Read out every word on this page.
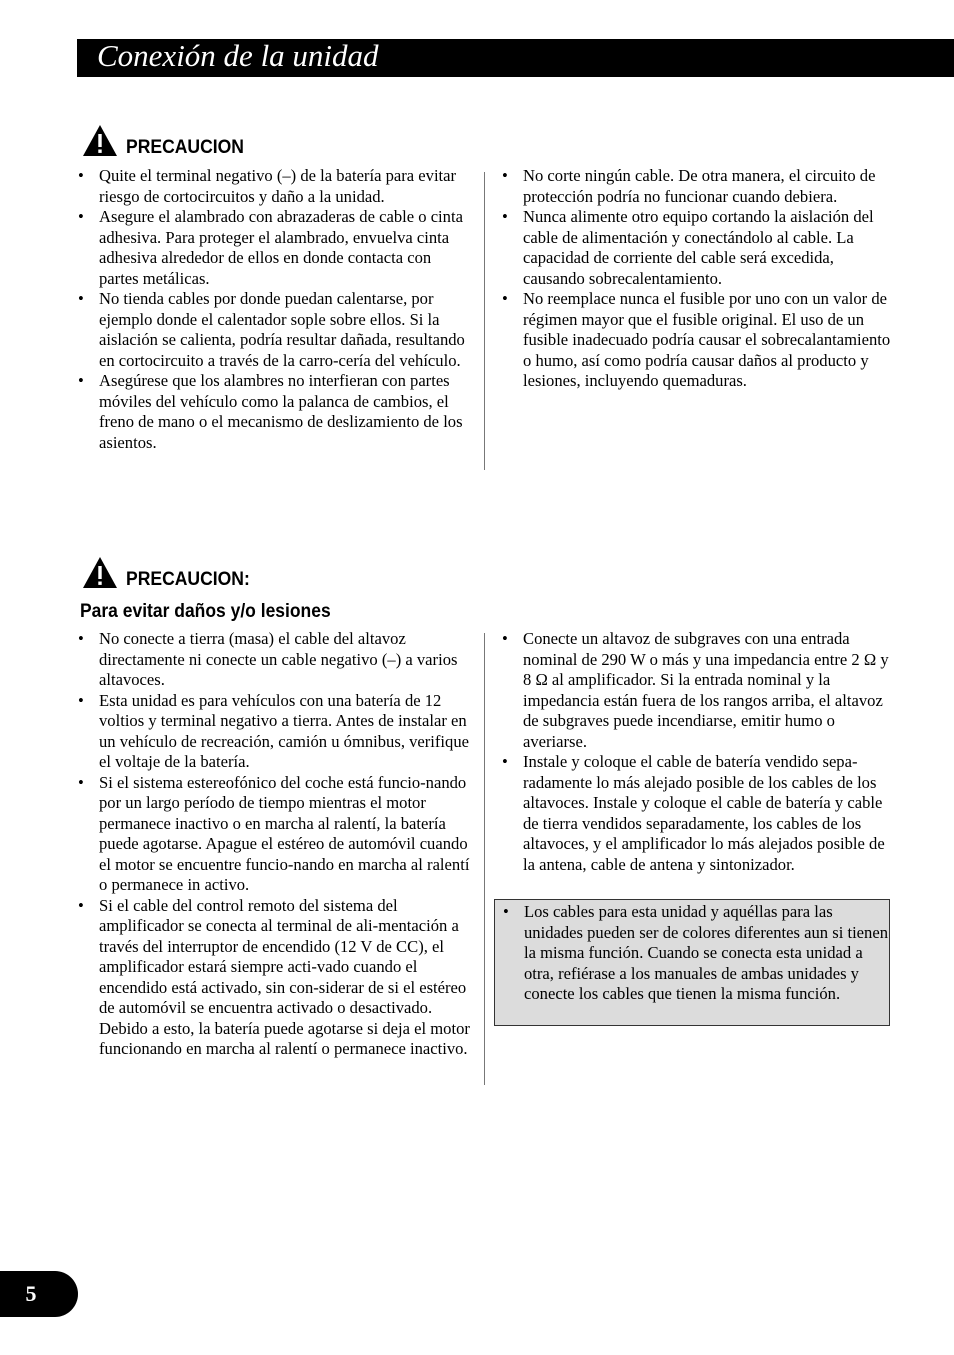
Conexión de la unidad
PRECAUCION
• Quite el terminal negativo (–) de la batería para evitar riesgo de cortocircuitos y daño a la unidad.
• Asegure el alambrado con abrazaderas de cable o cinta adhesiva. Para proteger el alambrado, envuelva cinta adhesiva alrededor de ellos en donde contacta con partes metálicas.
• No tienda cables por donde puedan calentarse, por ejemplo donde el calentador sople sobre ellos. Si la aislación se calienta, podría resultar dañada, resultando en cortocircuito a través de la carro-cería del vehículo.
• Asegúrese que los alambres no interfieran con partes móviles del vehículo como la palanca de cambios, el freno de mano o el mecanismo de deslizamiento de los asientos.
• No corte ningún cable. De otra manera, el circuito de protección podría no funcionar cuando debiera.
• Nunca alimente otro equipo cortando la aislación del cable de alimentación y conectándolo al cable. La capacidad de corriente del cable será excedida, causando sobrecalentamiento.
• No reemplace nunca el fusible por uno con un valor de régimen mayor que el fusible original. El uso de un fusible inadecuado podría causar el sobrecalantamiento o humo, así como podría causar daños al producto y lesiones, incluyendo quemaduras.
PRECAUCION:
Para evitar daños y/o lesiones
• No conecte a tierra (masa) el cable del altavoz directamente ni conecte un cable negativo (–) a varios altavoces.
• Esta unidad es para vehículos con una batería de 12 voltios y terminal negativo a tierra. Antes de instalar en un vehículo de recreación, camión u ómnibus, verifique el voltaje de la batería.
• Si el sistema estereofónico del coche está funcio-nando por un largo período de tiempo mientras el motor permanece inactivo o en marcha al ralentí, la batería puede agotarse. Apague el estéreo de automóvil cuando el motor se encuentre funcio-nando en marcha al ralentí o permanece in activo.
• Si el cable del control remoto del sistema del amplificador se conecta al terminal de ali-mentación a través del interruptor de encendido (12 V de CC), el amplificador estará siempre acti-vado cuando el encendido está activado, sin con-siderar de si el estéreo de automóvil se encuentra activado o desactivado. Debido a esto, la batería puede agotarse si deja el motor funcionando en marcha al ralentí o permanece inactivo.
• Conecte un altavoz de subgraves con una entrada nominal de 290 W o más y una impedancia entre 2 Ω y 8 Ω al amplificador. Si la entrada nominal y la impedancia están fuera de los rangos arriba, el altavoz de subgraves puede incendiarse, emitir humo o averiarse.
• Instale y coloque el cable de batería vendido sepa-radamente lo más alejado posible de los cables de los altavoces. Instale y coloque el cable de batería y cable de tierra vendidos separadamente, los cables de los altavoces, y el amplificador lo más alejados posible de la antena, cable de antena y sintonizador.
• Los cables para esta unidad y aquéllas para las unidades pueden ser de colores diferentes aun si tienen la misma función. Cuando se conecta esta unidad a otra, refiérase a los manuales de ambas unidades y conecte los cables que tienen la misma función.
5
